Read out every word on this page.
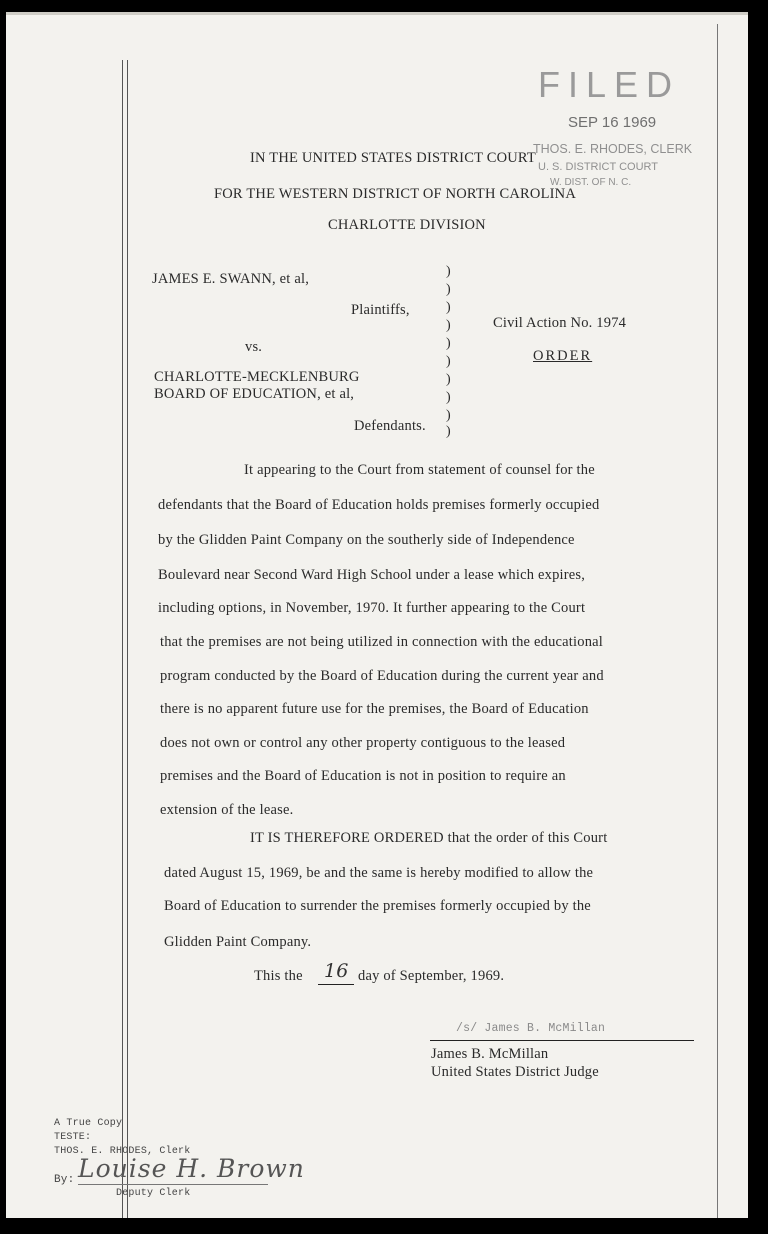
FILED
SEP 16 1969
THOS. E. RHODES, CLERK
U. S. DISTRICT COURT
W. DIST. OF N. C.
IN THE UNITED STATES DISTRICT COURT
FOR THE WESTERN DISTRICT OF NORTH CAROLINA
CHARLOTTE DIVISION
JAMES E. SWANN, et al,
Plaintiffs,
vs.
CHARLOTTE-MECKLENBURG
BOARD OF EDUCATION, et al,
Defendants.
Civil Action No. 1974
ORDER
)
)
)
)
)
)
)
)
)
)
It appearing to the Court from statement of counsel for the
defendants that the Board of Education holds premises formerly occupied
by the Glidden Paint Company on the southerly side of Independence
Boulevard near Second Ward High School under a lease which expires,
including options, in November, 1970. It further appearing to the Court
that the premises are not being utilized in connection with the educational
program conducted by the Board of Education during the current year and
there is no apparent future use for the premises, the Board of Education
does not own or control any other property contiguous to the leased
premises and the Board of Education is not in position to require an
extension of the lease.
IT IS THEREFORE ORDERED that the order of this Court
dated August 15, 1969, be and the same is hereby modified to allow the
Board of Education to surrender the premises formerly occupied by the
Glidden Paint Company.
This the 16 day of September, 1969.
/s/ James B. McMillan
James B. McMillan
United States District Judge
A True Copy
TESTE:
THOS. E. RHODES, Clerk
By: Louise H. Brown
Deputy Clerk
